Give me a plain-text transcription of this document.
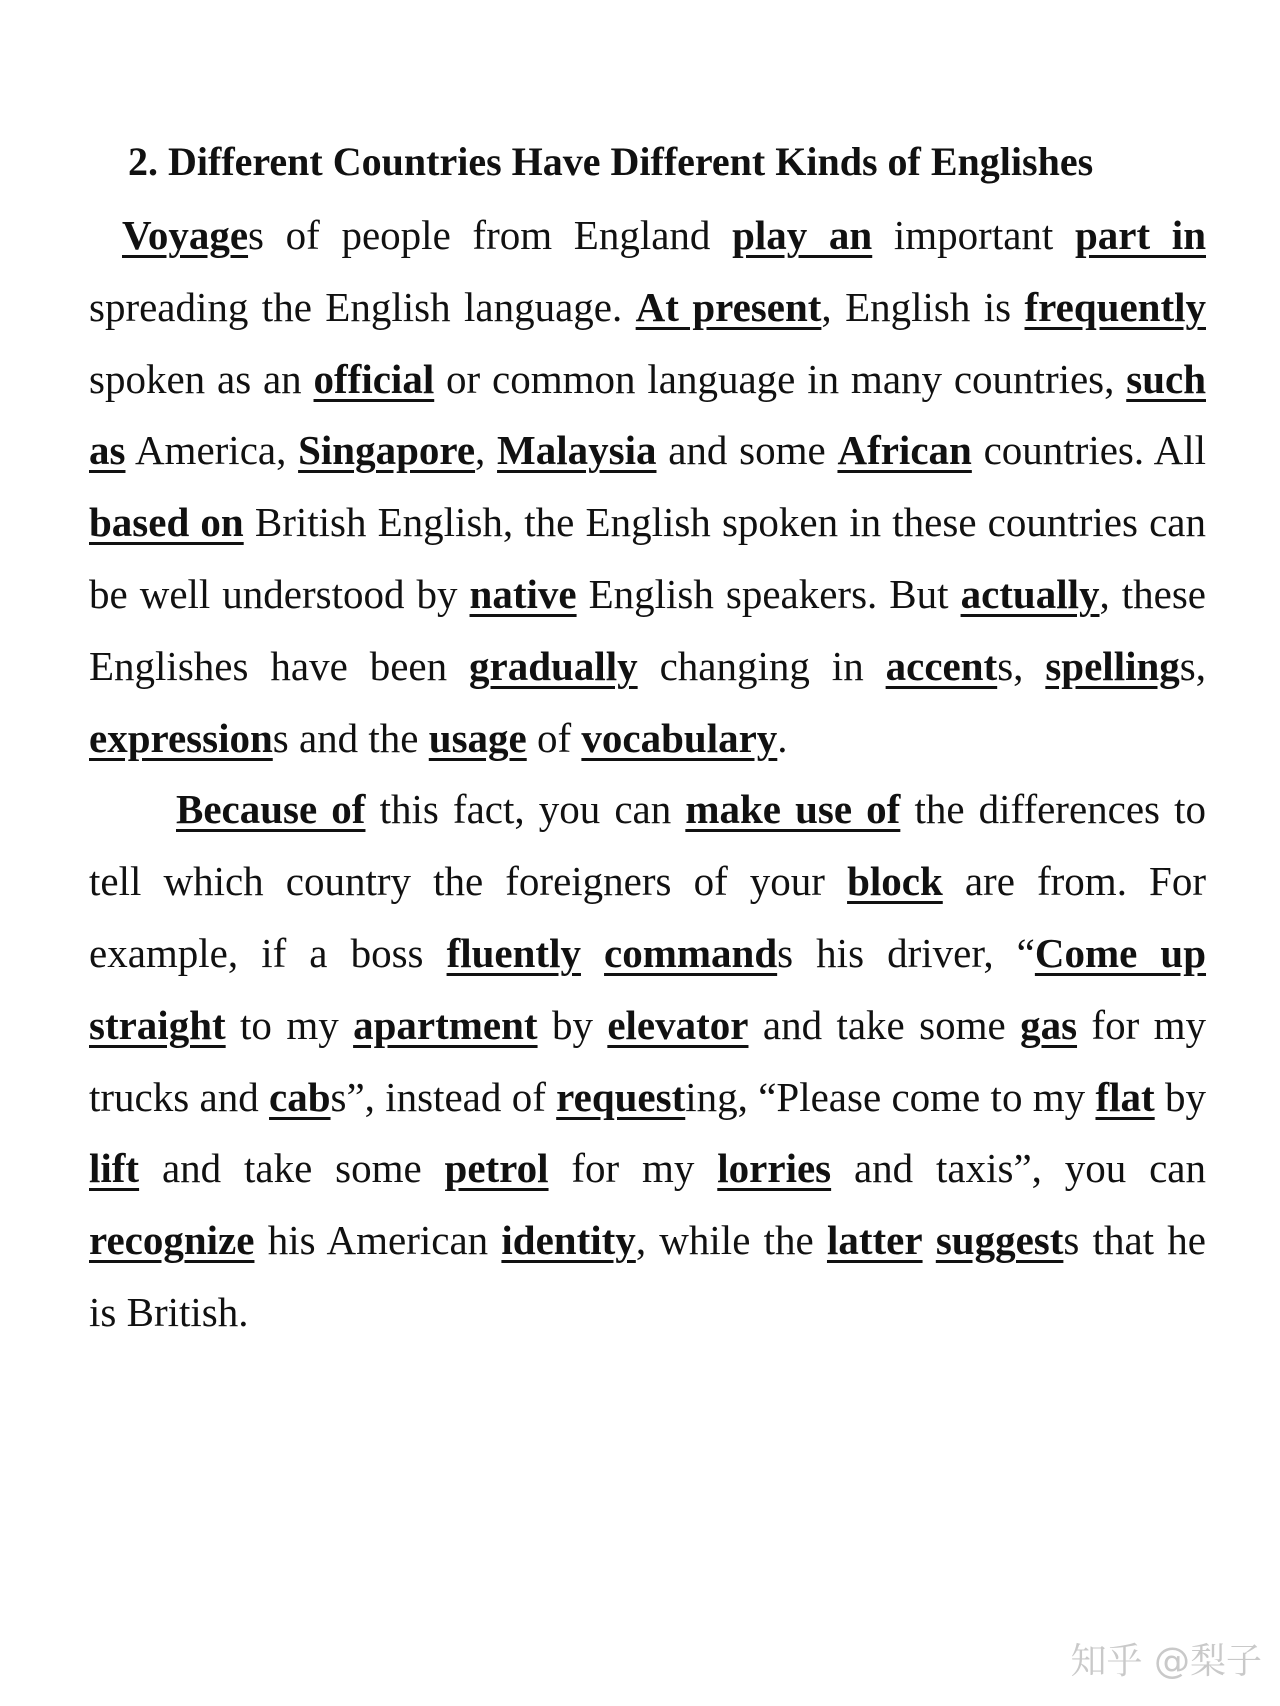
2. Different Countries Have Different Kinds of Englishes

Voyages of people from England play an important part in spreading the English language. At present, English is frequently spoken as an official or common language in many countries, such as America, Singapore, Malaysia and some African countries. All based on British English, the English spoken in these countries can be well understood by native English speakers. But actually, these Englishes have been gradually changing in accents, spellings, expressions and the usage of vocabulary.

Because of this fact, you can make use of the differences to tell which country the foreigners of your block are from. For example, if a boss fluently commands his driver, “Come up straight to my apartment by elevator and take some gas for my trucks and cabs”, instead of requesting, “Please come to my flat by lift and take some petrol for my lorries and taxis”, you can recognize his American identity, while the latter suggests that he is British.

知乎 @梨子
